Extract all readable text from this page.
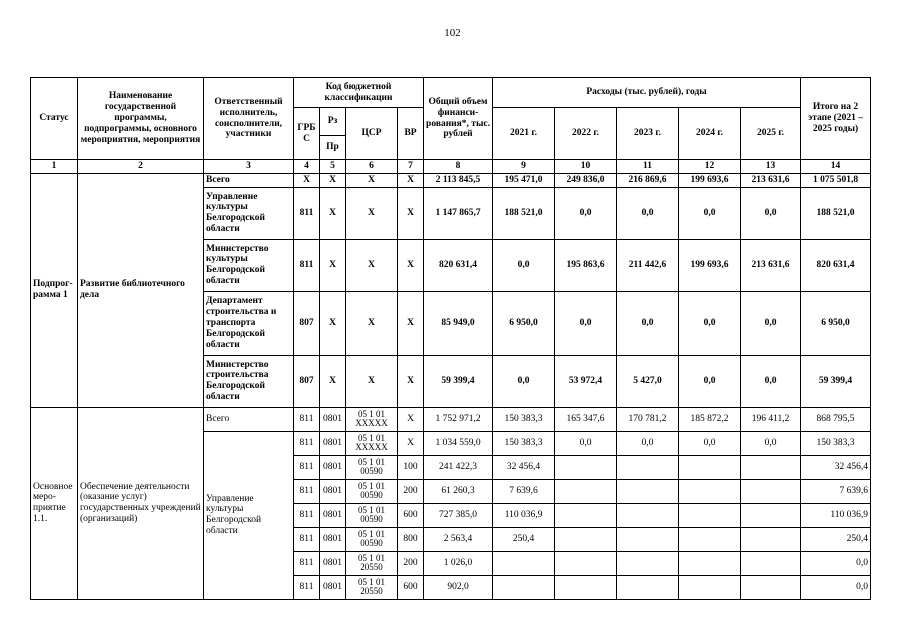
102
Статус	Наименование государственной программы, подпрограммы, основного мероприятия, мероприятия	Ответственный исполнитель, соисполнители, участники	Код бюджетной классификации				Общий объем финанси- рования*, тыс. рублей	Расходы (тыс. рублей), годы					Итого на 2 этапе (2021 – 2025 годы)
			ГРБ С	Рз	ЦСР	ВР		2021 г.	2022 г.	2023 г.	2024 г.	2025 г.	
				Пр									
1	2	3	4	5	6	7	8	9	10	11	12	13	14
Подпрог- рамма 1	Развитие библиотечного дела	Всего	X	X	X	X	2 113 845,5	195 471,0	249 836,0	216 869,6	199 693,6	213 631,6	1 075 501,8
		Управление культуры Белгородской области	811	X	X	X	1 147 865,7	188 521,0	0,0	0,0	0,0	0,0	188 521,0
		Министерство культуры Белгородской области	811	X	X	X	820 631,4	0,0	195 863,6	211 442,6	199 693,6	213 631,6	820 631,4
		Департамент строительства и транспорта Белгородской области	807	X	X	X	85 949,0	6 950,0	0,0	0,0	0,0	0,0	6 950,0
		Министерство строительства Белгородской области	807	X	X	X	59 399,4	0,0	53 972,4	5 427,0	0,0	0,0	59 399,4
Основное меро- приятие 1.1.	Обеспечение деятельности (оказание услуг) государственных учреждений (организаций)	Всего	811	0801	05 1 01 XXXXX	X	1 752 971,2	150 383,3	165 347,6	170 781,2	185 872,2	196 411,2	868 795,5
		Управление культуры Белгородской области	811	0801	05 1 01 XXXXX	X	1 034 559,0	150 383,3	0,0	0,0	0,0	0,0	150 383,3
			811	0801	05 1 01 00590	100	241 422,3	32 456,4					32 456,4
			811	0801	05 1 01 00590	200	61 260,3	7 639,6					7 639,6
			811	0801	05 1 01 00590	600	727 385,0	110 036,9					110 036,9
			811	0801	05 1 01 00590	800	2 563,4	250,4					250,4
			811	0801	05 1 01 20550	200	1 026,0						0,0
			811	0801	05 1 01 20550	600	902,0						0,0
